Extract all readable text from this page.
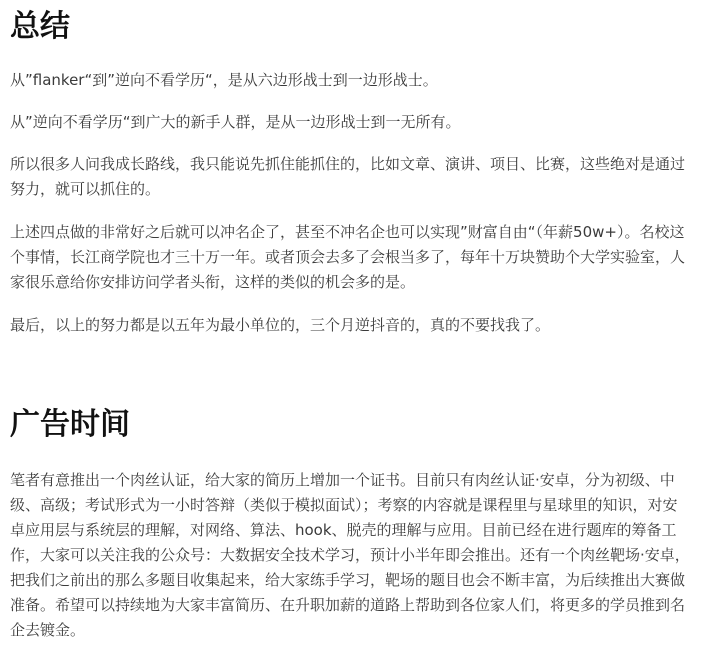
总结

从”flanker“到”逆向不看学历“，是从六边形战士到一边形战士。

从”逆向不看学历“到广大的新手人群，是从一边形战士到一无所有。

所以很多人问我成长路线，我只能说先抓住能抓住的，比如文章、演讲、项目、比赛，这些绝对是通过努力，就可以抓住的。

上述四点做的非常好之后就可以冲名企了，甚至不冲名企也可以实现”财富自由“（年薪50w+）。名校这个事情，长江商学院也才三十万一年。或者顶会去多了会根当多了，每年十万块赞助个大学实验室，人家很乐意给你安排访问学者头衔，这样的类似的机会多的是。

最后，以上的努力都是以五年为最小单位的，三个月逆抖音的，真的不要找我了。

广告时间

笔者有意推出一个肉丝认证，给大家的简历上增加一个证书。目前只有肉丝认证·安卓，分为初级、中级、高级；考试形式为一小时答辩（类似于模拟面试）；考察的内容就是课程里与星球里的知识，对安卓应用层与系统层的理解，对网络、算法、hook、脱壳的理解与应用。目前已经在进行题库的筹备工作，大家可以关注我的公众号：大数据安全技术学习，预计小半年即会推出。还有一个肉丝靶场·安卓，把我们之前出的那么多题目收集起来，给大家练手学习，靶场的题目也会不断丰富，为后续推出大赛做准备。希望可以持续地为大家丰富简历、在升职加薪的道路上帮助到各位家人们，将更多的学员推到名企去镀金。
